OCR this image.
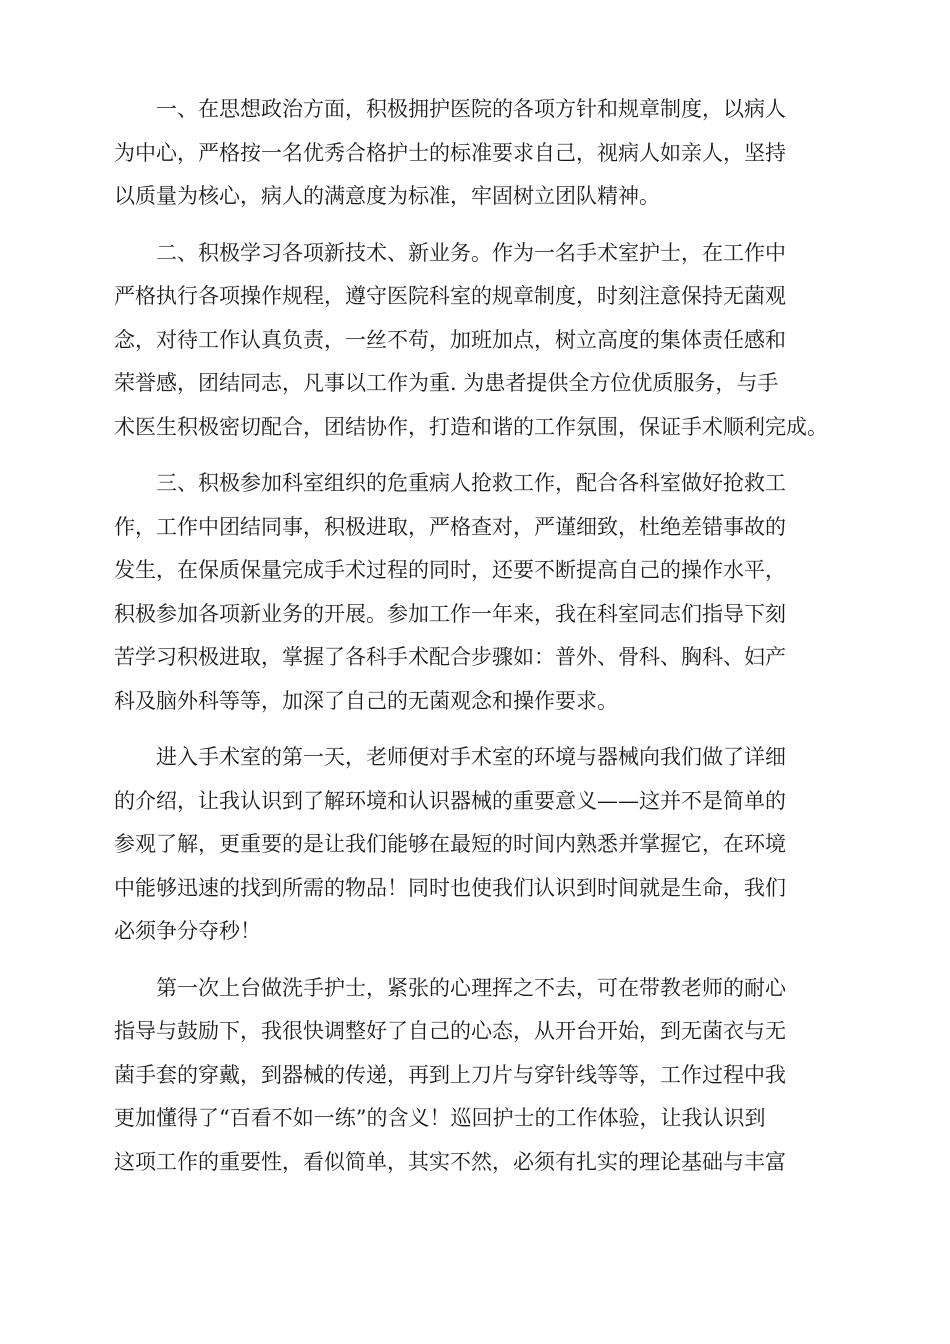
一、在思想政治方面，积极拥护医院的各项方针和规章制度，以病人
为中心，严格按一名优秀合格护士的标准要求自己，视病人如亲人，坚持
以质量为核心，病人的满意度为标准，牢固树立团队精神。

二、积极学习各项新技术、新业务。作为一名手术室护士，在工作中
严格执行各项操作规程，遵守医院科室的规章制度，时刻注意保持无菌观
念，对待工作认真负责，一丝不苟，加班加点，树立高度的集体责任感和
荣誉感，团结同志，凡事以工作为重. 为患者提供全方位优质服务，与手
术医生积极密切配合，团结协作，打造和谐的工作氛围，保证手术顺利完成。

三、积极参加科室组织的危重病人抢救工作，配合各科室做好抢救工
作，工作中团结同事，积极进取，严格查对，严谨细致，杜绝差错事故的
发生，在保质保量完成手术过程的同时，还要不断提高自己的操作水平，
积极参加各项新业务的开展。参加工作一年来，我在科室同志们指导下刻
苦学习积极进取，掌握了各科手术配合步骤如：普外、骨科、胸科、妇产
科及脑外科等等，加深了自己的无菌观念和操作要求。

进入手术室的第一天，老师便对手术室的环境与器械向我们做了详细
的介绍，让我认识到了解环境和认识器械的重要意义——这并不是简单的
参观了解，更重要的是让我们能够在最短的时间内熟悉并掌握它，在环境
中能够迅速的找到所需的物品！同时也使我们认识到时间就是生命，我们
必须争分夺秒！

第一次上台做洗手护士，紧张的心理挥之不去，可在带教老师的耐心
指导与鼓励下，我很快调整好了自己的心态，从开台开始，到无菌衣与无
菌手套的穿戴，到器械的传递，再到上刀片与穿针线等等，工作过程中我
更加懂得了“百看不如一练”的含义！巡回护士的工作体验，让我认识到
这项工作的重要性，看似简单，其实不然，必须有扎实的理论基础与丰富
